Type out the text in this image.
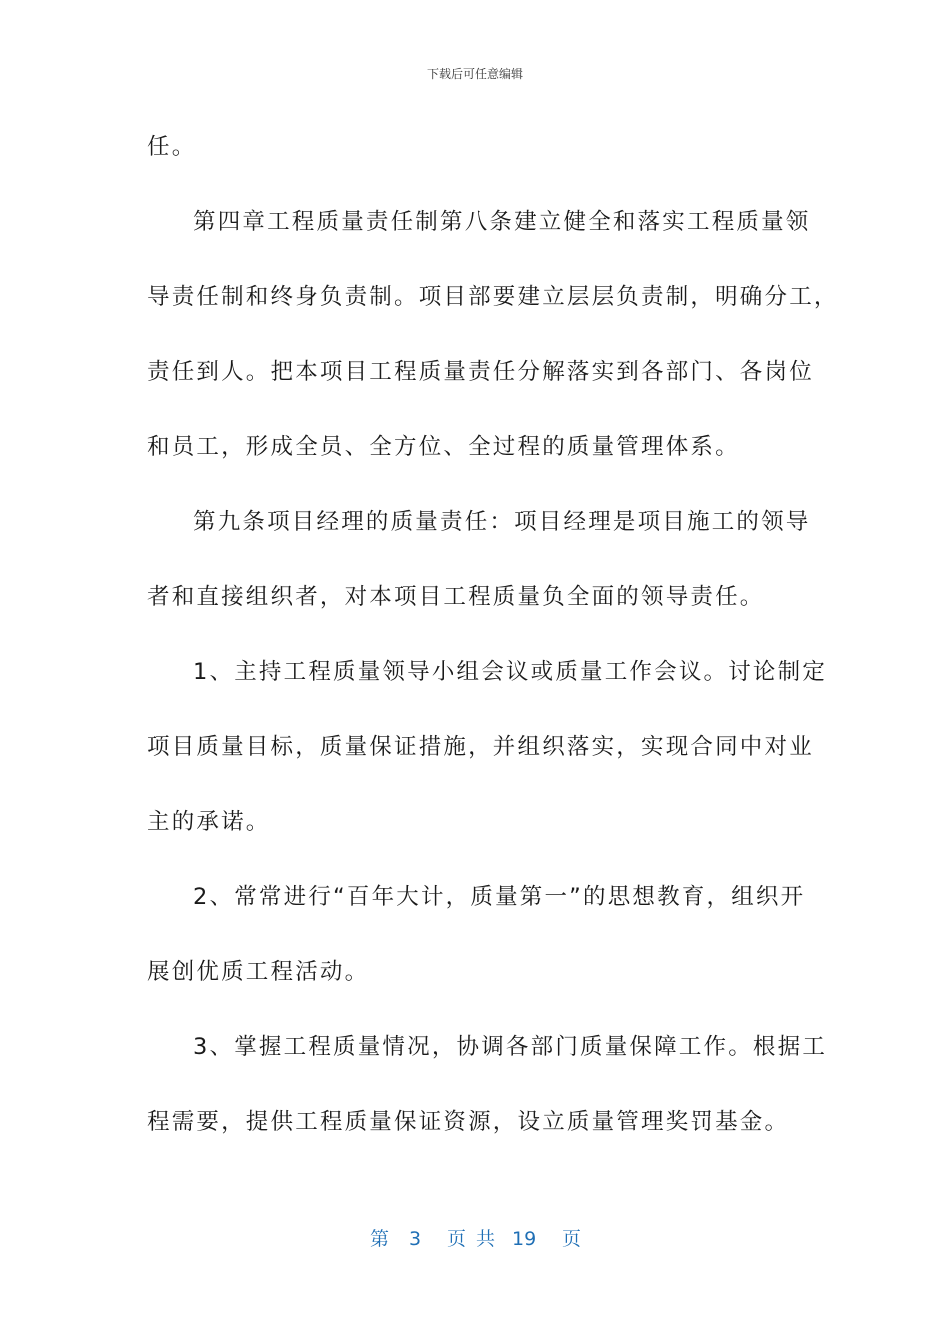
下载后可任意编辑
任。
第四章工程质量责任制第八条建立健全和落实工程质量领
导责任制和终身负责制。项目部要建立层层负责制，明确分工，
责任到人。把本项目工程质量责任分解落实到各部门、各岗位
和员工，形成全员、全方位、全过程的质量管理体系。
第九条项目经理的质量责任：项目经理是项目施工的领导
者和直接组织者，对本项目工程质量负全面的领导责任。
1、主持工程质量领导小组会议或质量工作会议。讨论制定
项目质量目标，质量保证措施，并组织落实，实现合同中对业
主的承诺。
2、常常进行“百年大计，质量第一”的思想教育，组织开
展创优质工程活动。
3、掌握工程质量情况，协调各部门质量保障工作。根据工
程需要，提供工程质量保证资源，设立质量管理奖罚基金。
第 3 页 共 19 页
